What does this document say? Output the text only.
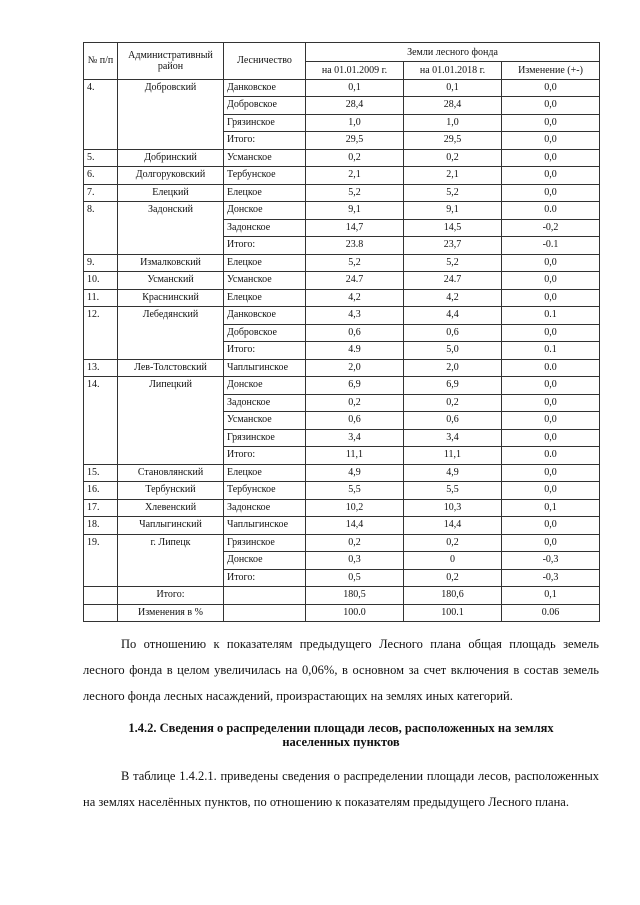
№ п/п	Административный район	Лесничество	Земли лесного фонда		
			на 01.01.2009 г.	на 01.01.2018 г.	Изменение (+-)
4.	Добровский	Данковское	0,1	0,1	0,0
		Добровское	28,4	28,4	0,0
		Грязинское	1,0	1,0	0,0
		Итого:	29,5	29,5	0,0
5.	Добринский	Усманское	0,2	0,2	0,0
6.	Долгоруковский	Тербунское	2,1	2,1	0,0
7.	Елецкий	Елецкое	5,2	5,2	0,0
8.	Задонский	Донское	9,1	9,1	0.0
		Задонское	14,7	14,5	-0,2
		Итого:	23.8	23,7	-0.1
9.	Измалковский	Елецкое	5,2	5,2	0,0
10.	Усманский	Усманское	24.7	24.7	0,0
11.	Краснинский	Елецкое	4,2	4,2	0,0
12.	Лебедянский	Данковское	4,3	4,4	0.1
		Добровское	0,6	0,6	0,0
		Итого:	4.9	5,0	0.1
13.	Лев-Толстовский	Чаплыгинское	2,0	2,0	0.0
14.	Липецкий	Донское	6,9	6,9	0,0
		Задонское	0,2	0,2	0,0
		Усманское	0,6	0,6	0,0
		Грязинское	3,4	3,4	0,0
		Итого:	11,1	11,1	0.0
15.	Становлянский	Елецкое	4,9	4,9	0,0
16.	Тербунский	Тербунское	5,5	5,5	0,0
17.	Хлевенский	Задонское	10,2	10,3	0,1
18.	Чаплыгинский	Чаплыгинское	14,4	14,4	0,0
19.	г. Липецк	Грязинское	0,2	0,2	0,0
		Донское	0,3	0	-0,3
		Итого:	0,5	0,2	-0,3
	Итого:		180,5	180,6	0,1
	Изменения в %		100.0	100.1	0.06

По отношению к показателям предыдущего Лесного плана общая площадь земель лесного фонда в целом увеличилась на 0,06%, в основном за счет включения в состав земель лесного фонда лесных насаждений, произрастающих на землях иных категорий.

1.4.2. Сведения о распределении площади лесов, расположенных на землях населенных пунктов

В таблице 1.4.2.1. приведены сведения о распределении площади лесов, расположенных на землях населённых пунктов, по отношению к показателям предыдущего Лесного плана.
